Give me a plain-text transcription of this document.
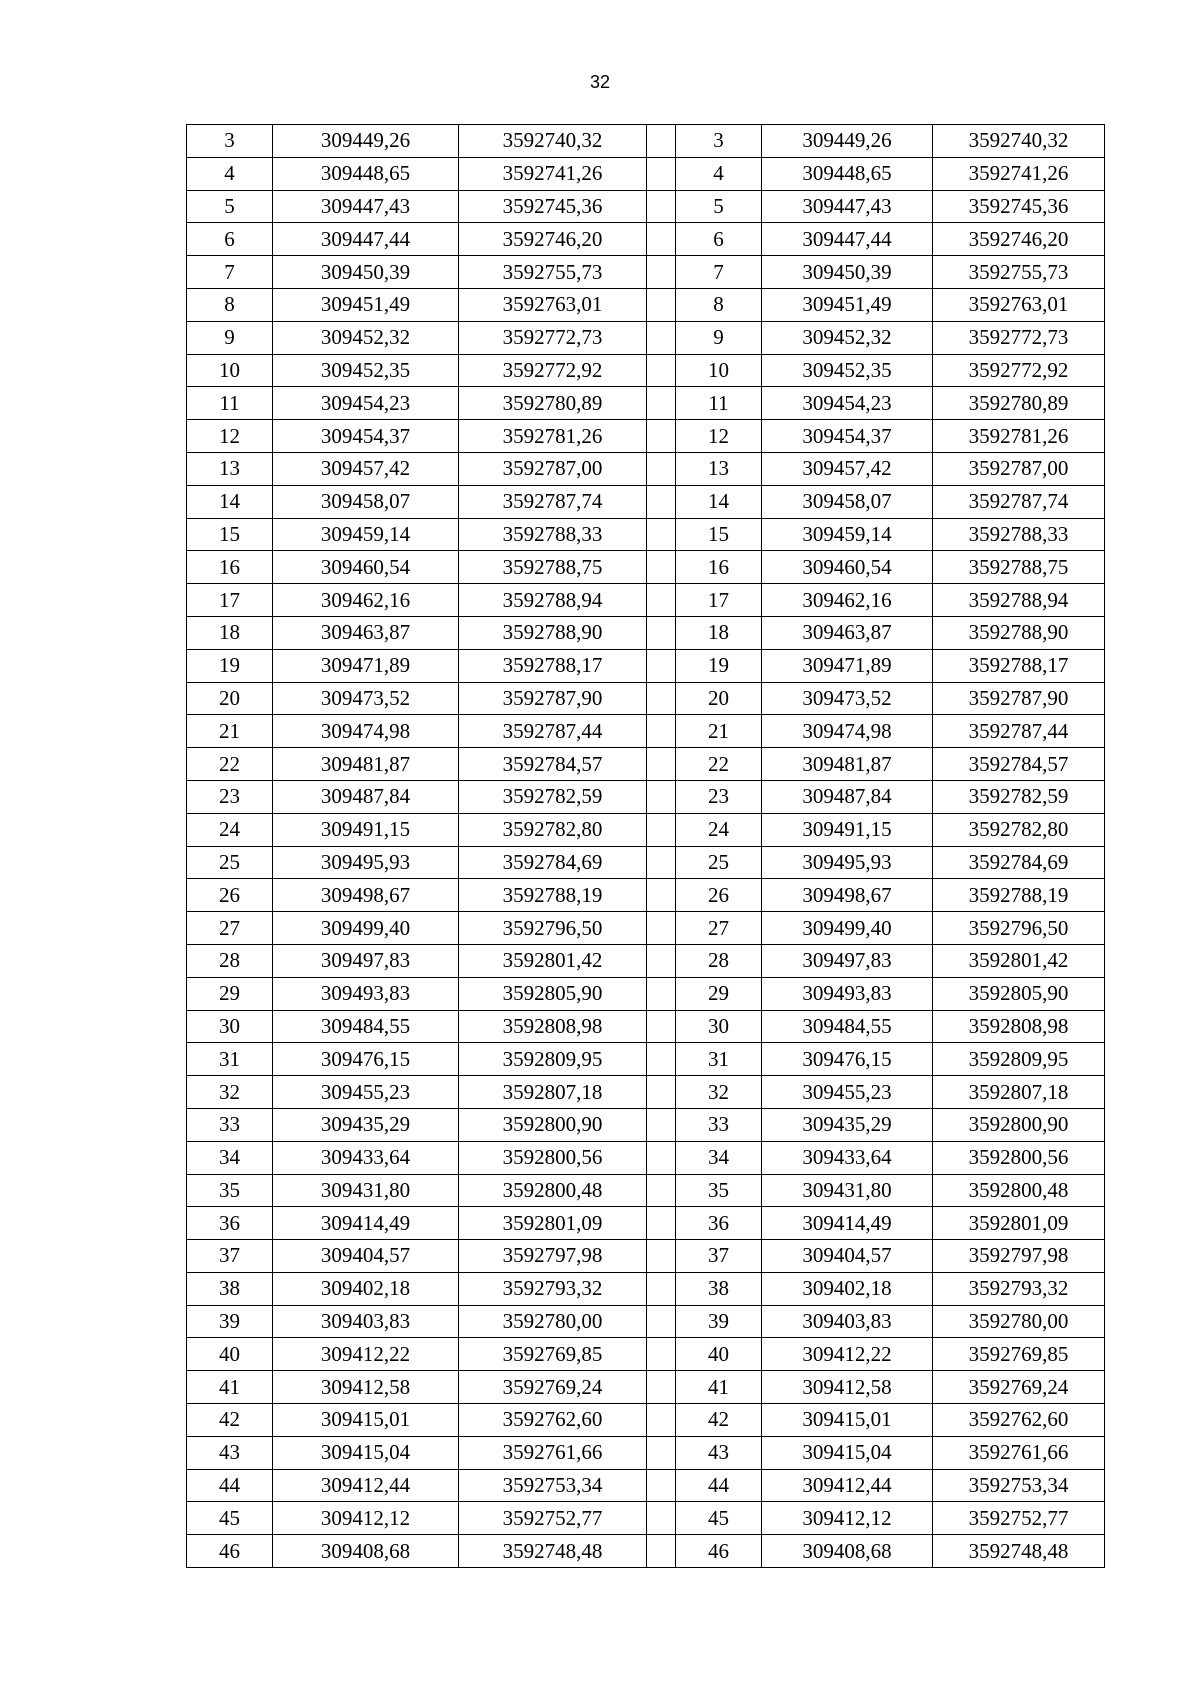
32
3	309449,26	3592740,32		3	309449,26	3592740,32
4	309448,65	3592741,26		4	309448,65	3592741,26
5	309447,43	3592745,36		5	309447,43	3592745,36
6	309447,44	3592746,20		6	309447,44	3592746,20
7	309450,39	3592755,73		7	309450,39	3592755,73
8	309451,49	3592763,01		8	309451,49	3592763,01
9	309452,32	3592772,73		9	309452,32	3592772,73
10	309452,35	3592772,92		10	309452,35	3592772,92
11	309454,23	3592780,89		11	309454,23	3592780,89
12	309454,37	3592781,26		12	309454,37	3592781,26
13	309457,42	3592787,00		13	309457,42	3592787,00
14	309458,07	3592787,74		14	309458,07	3592787,74
15	309459,14	3592788,33		15	309459,14	3592788,33
16	309460,54	3592788,75		16	309460,54	3592788,75
17	309462,16	3592788,94		17	309462,16	3592788,94
18	309463,87	3592788,90		18	309463,87	3592788,90
19	309471,89	3592788,17		19	309471,89	3592788,17
20	309473,52	3592787,90		20	309473,52	3592787,90
21	309474,98	3592787,44		21	309474,98	3592787,44
22	309481,87	3592784,57		22	309481,87	3592784,57
23	309487,84	3592782,59		23	309487,84	3592782,59
24	309491,15	3592782,80		24	309491,15	3592782,80
25	309495,93	3592784,69		25	309495,93	3592784,69
26	309498,67	3592788,19		26	309498,67	3592788,19
27	309499,40	3592796,50		27	309499,40	3592796,50
28	309497,83	3592801,42		28	309497,83	3592801,42
29	309493,83	3592805,90		29	309493,83	3592805,90
30	309484,55	3592808,98		30	309484,55	3592808,98
31	309476,15	3592809,95		31	309476,15	3592809,95
32	309455,23	3592807,18		32	309455,23	3592807,18
33	309435,29	3592800,90		33	309435,29	3592800,90
34	309433,64	3592800,56		34	309433,64	3592800,56
35	309431,80	3592800,48		35	309431,80	3592800,48
36	309414,49	3592801,09		36	309414,49	3592801,09
37	309404,57	3592797,98		37	309404,57	3592797,98
38	309402,18	3592793,32		38	309402,18	3592793,32
39	309403,83	3592780,00		39	309403,83	3592780,00
40	309412,22	3592769,85		40	309412,22	3592769,85
41	309412,58	3592769,24		41	309412,58	3592769,24
42	309415,01	3592762,60		42	309415,01	3592762,60
43	309415,04	3592761,66		43	309415,04	3592761,66
44	309412,44	3592753,34		44	309412,44	3592753,34
45	309412,12	3592752,77		45	309412,12	3592752,77
46	309408,68	3592748,48		46	309408,68	3592748,48
